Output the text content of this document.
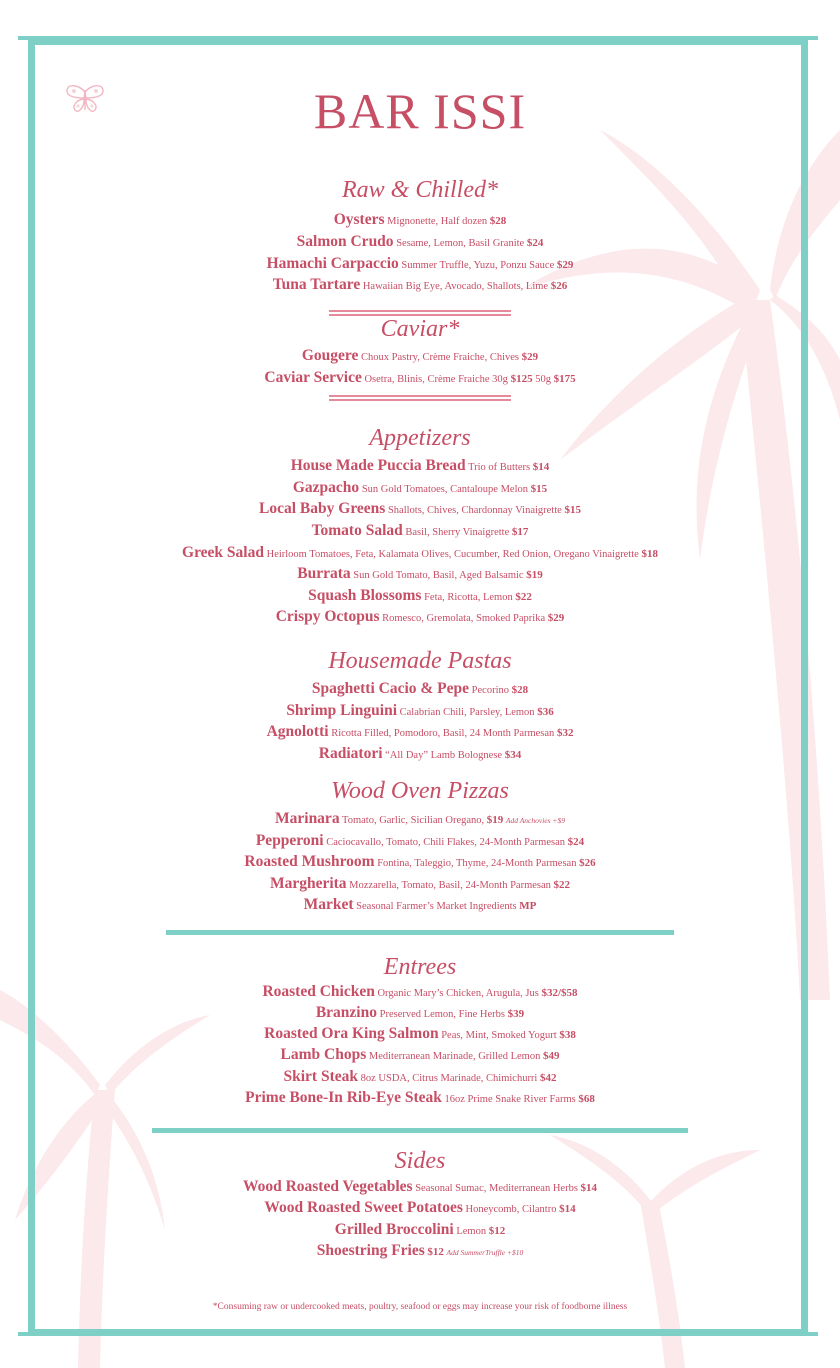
BAR ISSI
Raw & Chilled*
Oysters Mignonette, Half dozen $28
Salmon Crudo Sesame, Lemon, Basil Granite $24
Hamachi Carpaccio Summer Truffle, Yuzu, Ponzu Sauce $29
Tuna Tartare Hawaiian Big Eye, Avocado, Shallots, Lime $26
Caviar*
Gougere Choux Pastry, Crème Fraiche, Chives $29
Caviar Service Osetra, Blinis, Crème Fraiche 30g $125 50g $175
Appetizers
House Made Puccia Bread Trio of Butters $14
Gazpacho Sun Gold Tomatoes, Cantaloupe Melon $15
Local Baby Greens Shallots, Chives, Chardonnay Vinaigrette $15
Tomato Salad Basil, Sherry Vinaigrette $17
Greek Salad Heirloom Tomatoes, Feta, Kalamata Olives, Cucumber, Red Onion, Oregano Vinaigrette $18
Burrata Sun Gold Tomato, Basil, Aged Balsamic $19
Squash Blossoms Feta, Ricotta, Lemon $22
Crispy Octopus Romesco, Gremolata, Smoked Paprika $29
Housemade Pastas
Spaghetti Cacio & Pepe Pecorino $28
Shrimp Linguini Calabrian Chili, Parsley, Lemon $36
Agnolotti Ricotta Filled, Pomodoro, Basil, 24 Month Parmesan $32
Radiatori “All Day” Lamb Bolognese $34
Wood Oven Pizzas
Marinara Tomato, Garlic, Sicilian Oregano, $19 Add Anchovies +$9
Pepperoni Caciocavallo, Tomato, Chili Flakes, 24-Month Parmesan $24
Roasted Mushroom Fontina, Taleggio, Thyme, 24-Month Parmesan $26
Margherita Mozzarella, Tomato, Basil, 24-Month Parmesan $22
Market Seasonal Farmer’s Market Ingredients MP
Entrees
Roasted Chicken Organic Mary’s Chicken, Arugula, Jus $32/$58
Branzino Preserved Lemon, Fine Herbs $39
Roasted Ora King Salmon Peas, Mint, Smoked Yogurt $38
Lamb Chops Mediterranean Marinade, Grilled Lemon $49
Skirt Steak 8oz USDA, Citrus Marinade, Chimichurri $42
Prime Bone-In Rib-Eye Steak 16oz Prime Snake River Farms $68
Sides
Wood Roasted Vegetables Seasonal Sumac, Mediterranean Herbs $14
Wood Roasted Sweet Potatoes Honeycomb, Cilantro $14
Grilled Broccolini Lemon $12
Shoestring Fries $12 Add SummerTruffle +$10
*Consuming raw or undercooked meats, poultry, seafood or eggs may increase your risk of foodborne illness
